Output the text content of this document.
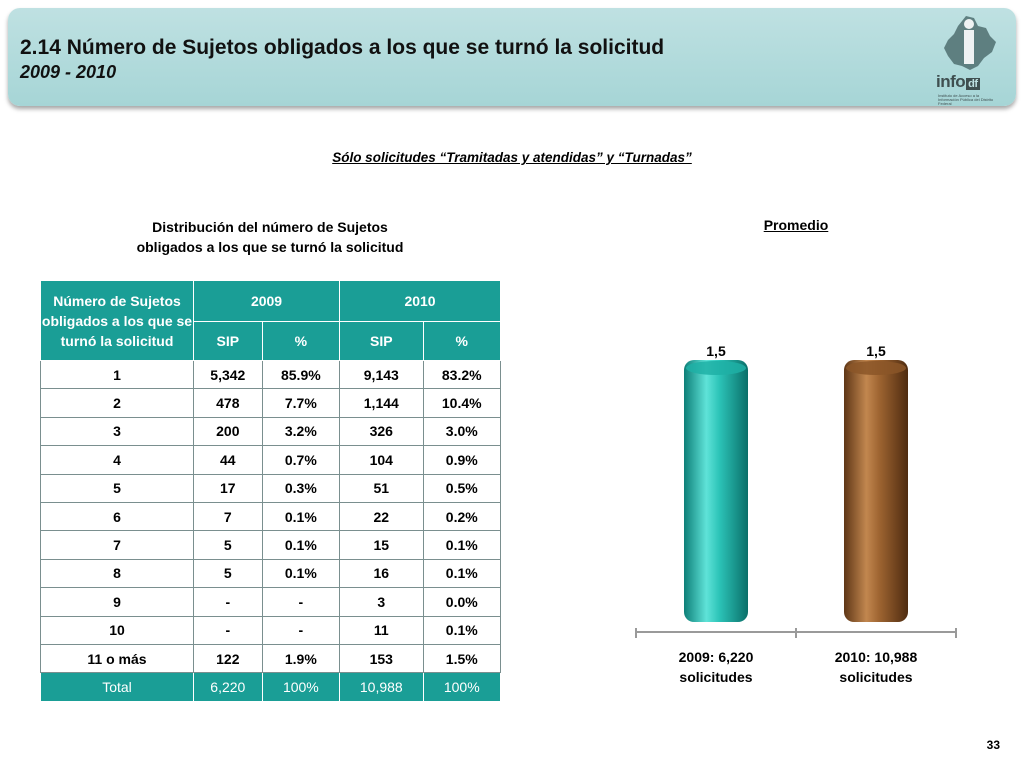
2.14 Número de Sujetos obligados a los que se turnó la solicitud
2009 - 2010	info df
Instituto de Acceso a la Información Pública del Distrito Federal
Sólo solicitudes “Tramitadas y atendidas” y “Turnadas”
Distribución del número de Sujetos
obligados a los que se turnó la solicitud
Promedio
Número de Sujetos obligados a los que se turnó la solicitud	2009		2010	
	SIP	%	SIP	%
1	5,342	85.9%	9,143	83.2%
2	478	7.7%	1,144	10.4%
3	200	3.2%	326	3.0%
4	44	0.7%	104	0.9%
5	17	0.3%	51	0.5%
6	7	0.1%	22	0.2%
7	5	0.1%	15	0.1%
8	5	0.1%	16	0.1%
9	-	-	3	0.0%
10	-	-	11	0.1%
11 o más	122	1.9%	153	1.5%
Total	6,220	100%	10,988	100%
1,5	1,5
2009: 6,220
solicitudes
2010: 10,988
solicitudes
33
